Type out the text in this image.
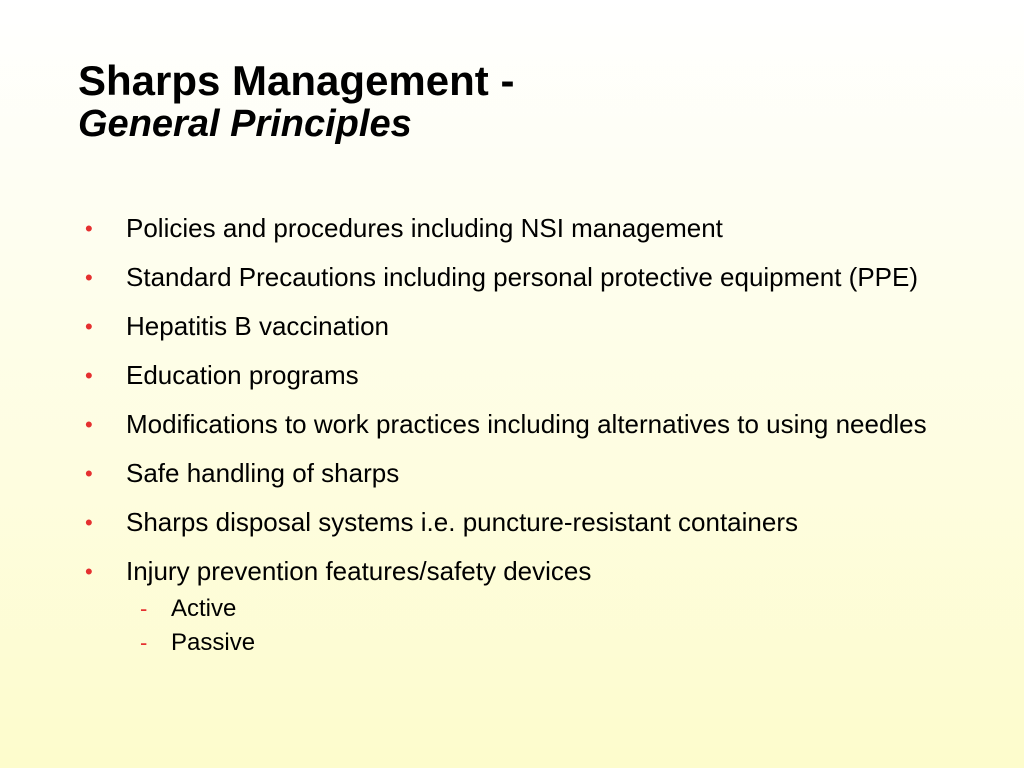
Sharps Management -
General Principles
•	Policies and procedures including NSI management
•	Standard Precautions including personal protective equipment (PPE)
•	Hepatitis B vaccination
•	Education programs
•	Modifications to work practices including alternatives to using needles
•	Safe handling of sharps
•	Sharps disposal systems i.e. puncture-resistant containers
•	Injury prevention features/safety devices
- Active
- Passive
